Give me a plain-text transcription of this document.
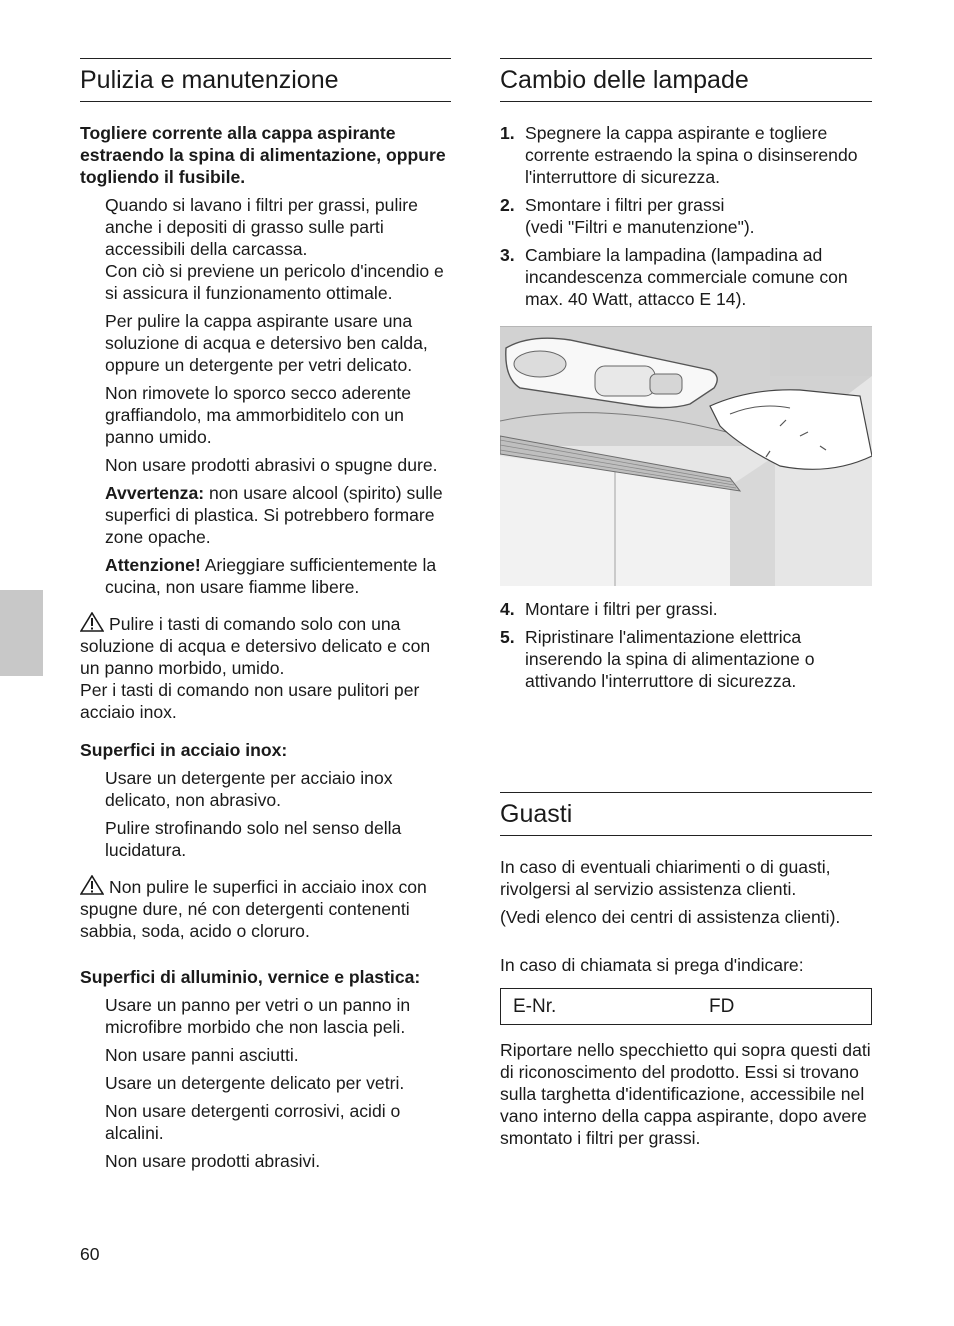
Pulizia e manutenzione

Togliere corrente alla cappa aspirante estraendo la spina di alimentazione, oppure togliendo il fusibile.

Quando si lavano i filtri per grassi, pulire anche i depositi di grasso sulle parti accessibili della carcassa.

Con ciò si previene un pericolo d'incendio e si assicura il funzionamento ottimale.

Per pulire la cappa aspirante usare una soluzione di acqua e detersivo ben calda, oppure un detergente per vetri delicato.

Non rimovete lo sporco secco aderente graffiandolo, ma ammorbiditelo con un panno umido.

Non usare prodotti abrasivi o spugne dure.

Avvertenza: non usare alcool (spirito) sulle superfici di plastica. Si potrebbero formare zone opache.

Attenzione! Arieggiare sufficientemente la cucina, non usare fiamme libere.

Pulire i tasti di comando solo con una soluzione di acqua e detersivo delicato e con un panno morbido, umido.

Per i tasti di comando non usare pulitori per acciaio inox.

Superfici in acciaio inox:

Usare un detergente per acciaio inox delicato, non abrasivo.

Pulire strofinando solo nel senso della lucidatura.

Non pulire le superfici in acciaio inox con spugne dure, né con detergenti contenenti sabbia, soda, acido o cloruro.

Superfici di alluminio, vernice e plastica:

Usare un panno per vetri o un panno in microfibre morbido che non lascia peli.

Non usare panni asciutti.

Usare un detergente delicato per vetri.

Non usare detergenti corrosivi, acidi o alcalini.

Non usare prodotti abrasivi.

Cambio delle lampade
1. Spegnere la cappa aspirante e togliere corrente estraendo la spina o disinserendo l'interruttore di sicurezza.
2. Smontare i filtri per grassi
(vedi "Filtri e manutenzione").
3. Cambiare la lampadina (lampadina ad incandescenza commerciale comune con max. 40 Watt, attacco E 14).
4. Montare i filtri per grassi.
5. Ripristinare l'alimentazione elettrica inserendo la spina di alimentazione o attivando l'interruttore di sicurezza.
Guasti

In caso di eventuali chiarimenti o di guasti, rivolgersi al servizio assistenza clienti.

(Vedi elenco dei centri di assistenza clienti).

In caso di chiamata si prega d'indicare:

E-Nr.	FD

Riportare nello specchietto qui sopra questi dati di riconoscimento del prodotto. Essi si trovano sulla targhetta d'identificazione, accessibile nel vano interno della cappa aspirante, dopo avere smontato i filtri per grassi.

60
